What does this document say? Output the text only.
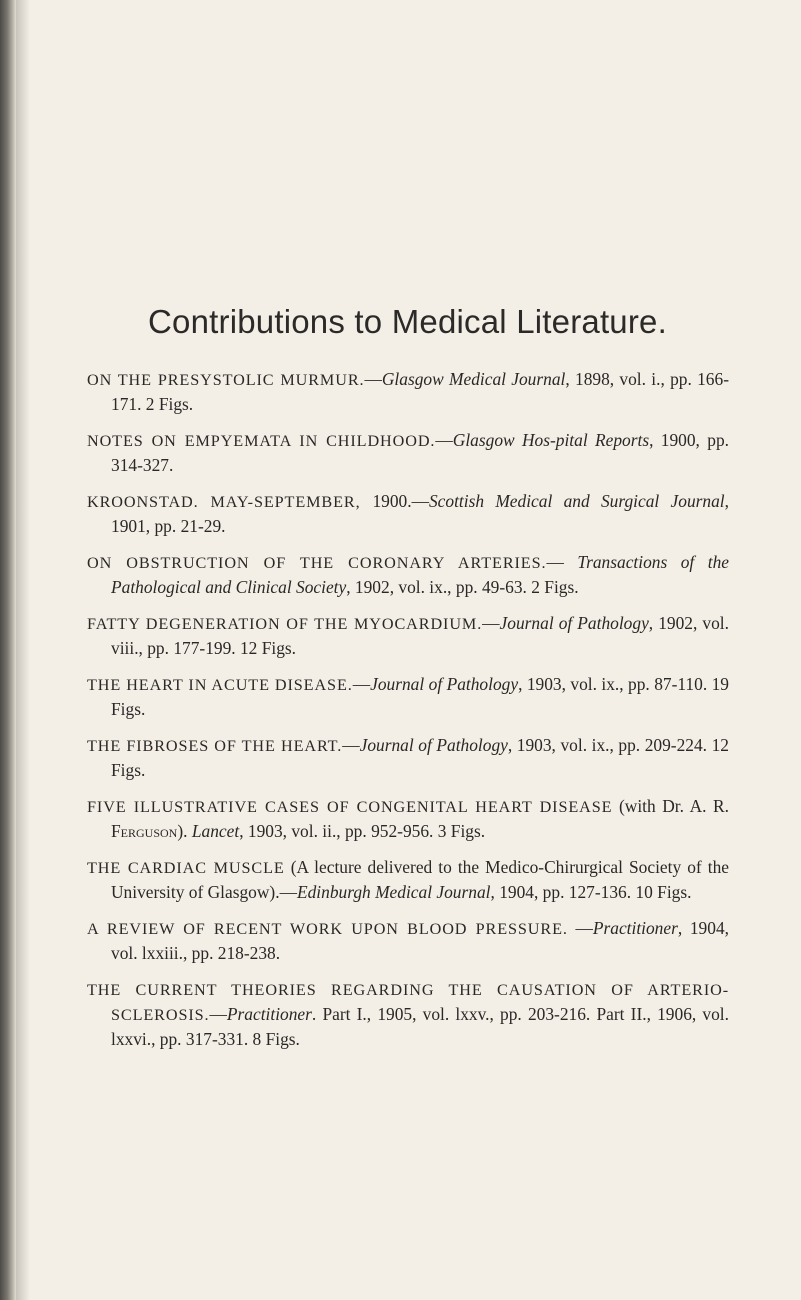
Contributions to Medical Literature.

ON THE PRESYSTOLIC MURMUR.—Glasgow Medical Journal, 1898, vol. i., pp. 166-171. 2 Figs.

NOTES ON EMPYEMATA IN CHILDHOOD.—Glasgow Hos-pital Reports, 1900, pp. 314-327.

KROONSTAD. MAY-SEPTEMBER, 1900.—Scottish Medical and Surgical Journal, 1901, pp. 21-29.

ON OBSTRUCTION OF THE CORONARY ARTERIES.— Transactions of the Pathological and Clinical Society, 1902, vol. ix., pp. 49-63. 2 Figs.

FATTY DEGENERATION OF THE MYOCARDIUM.—Journal of Pathology, 1902, vol. viii., pp. 177-199. 12 Figs.

THE HEART IN ACUTE DISEASE.—Journal of Pathology, 1903, vol. ix., pp. 87-110. 19 Figs.

THE FIBROSES OF THE HEART.—Journal of Pathology, 1903, vol. ix., pp. 209-224. 12 Figs.

FIVE ILLUSTRATIVE CASES OF CONGENITAL HEART DISEASE (with Dr. A. R. Ferguson). Lancet, 1903, vol. ii., pp. 952-956. 3 Figs.

THE CARDIAC MUSCLE (A lecture delivered to the Medico-Chirurgical Society of the University of Glasgow).—Edinburgh Medical Journal, 1904, pp. 127-136. 10 Figs.

A REVIEW OF RECENT WORK UPON BLOOD PRESSURE. —Practitioner, 1904, vol. lxxiii., pp. 218-238.

THE CURRENT THEORIES REGARDING THE CAUSATION OF ARTERIO-SCLEROSIS.—Practitioner. Part I., 1905, vol. lxxv., pp. 203-216. Part II., 1906, vol. lxxvi., pp. 317-331. 8 Figs.
